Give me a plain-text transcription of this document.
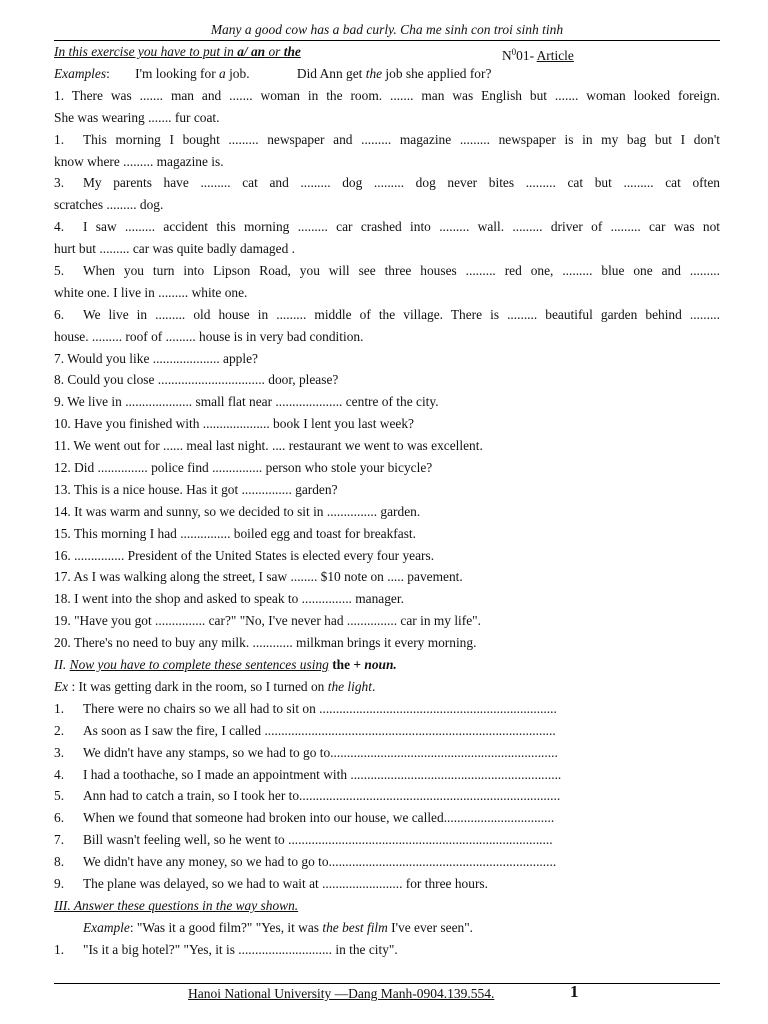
Many a good cow has a bad curly. Cha me sinh con troi sinh tinh
In this exercise you have to put in a/ an or the	$N^001-$ Article
Examples: I'm looking for a job.	Did Ann get the job she applied for?
1. There was ....... man and ....... woman in the room. ....... man was English but ....... woman looked foreign.
She was wearing ....... fur coat.
1. This morning I bought ......... newspaper and ......... magazine ......... newspaper is in my bag but I don't
know where ......... magazine is.
3. My parents have ......... cat and ......... dog ......... dog never bites ......... cat but ......... cat often
scratches ......... dog.
4. I saw ......... accident this morning ......... car crashed into ......... wall. ......... driver of ......... car was not
hurt but ......... car was quite badly damaged .
5. When you turn into Lipson Road, you will see three houses ......... red one, ......... blue one and .........
white one. I live in ......... white one.
6. We live in ......... old house in ......... middle of the village. There is ......... beautiful garden behind .........
house. ......... roof of ......... house is in very bad condition.
7. Would you like .................... apple?
8. Could you close ................................ door, please?
9. We live in .................... small flat near .................... centre of the city.
10. Have you finished with .................... book I lent you last week?
11. We went out for ...... meal last night. .... restaurant we went to was excellent.
12. Did ............... police find ............... person who stole your bicycle?
13. This is a nice house. Has it got ............... garden?
14. It was warm and sunny, so we decided to sit in ............... garden.
15. This morning I had ............... boiled egg and toast for breakfast.
16. ............... President of the United States is elected every four years.
17. As I was walking along the street, I saw ........ $10 note on ..... pavement.
18. I went into the shop and asked to speak to ............... manager.
19. "Have you got ............... car?" "No, I've never had ............... car in my life".
20. There's no need to buy any milk. ............ milkman brings it every morning.
II. Now you have to complete these sentences using the + noun.
Ex : It was getting dark in the room, so I turned on the light.
1. There were no chairs so we all had to sit on .......................................................................
2. As soon as I saw the fire, I called .......................................................................................
3. We didn't have any stamps, so we had to go to....................................................................
4. I had a toothache, so I made an appointment with ...............................................................
5. Ann had to catch a train, so I took her to..............................................................................
6. When we found that someone had broken into our house, we called.................................
7. Bill wasn't feeling well, so he went to ...............................................................................
8. We didn't have any money, so we had to go to....................................................................
9. The plane was delayed, so we had to wait at ........................ for three hours.
III. Answer these questions in the way shown.
Example: "Was it a good film?" "Yes, it was the best film I've ever seen".
1. "Is it a big hotel?" "Yes, it is ............................ in the city".
Hanoi National University —Dang Manh-0904.139.554.	1
